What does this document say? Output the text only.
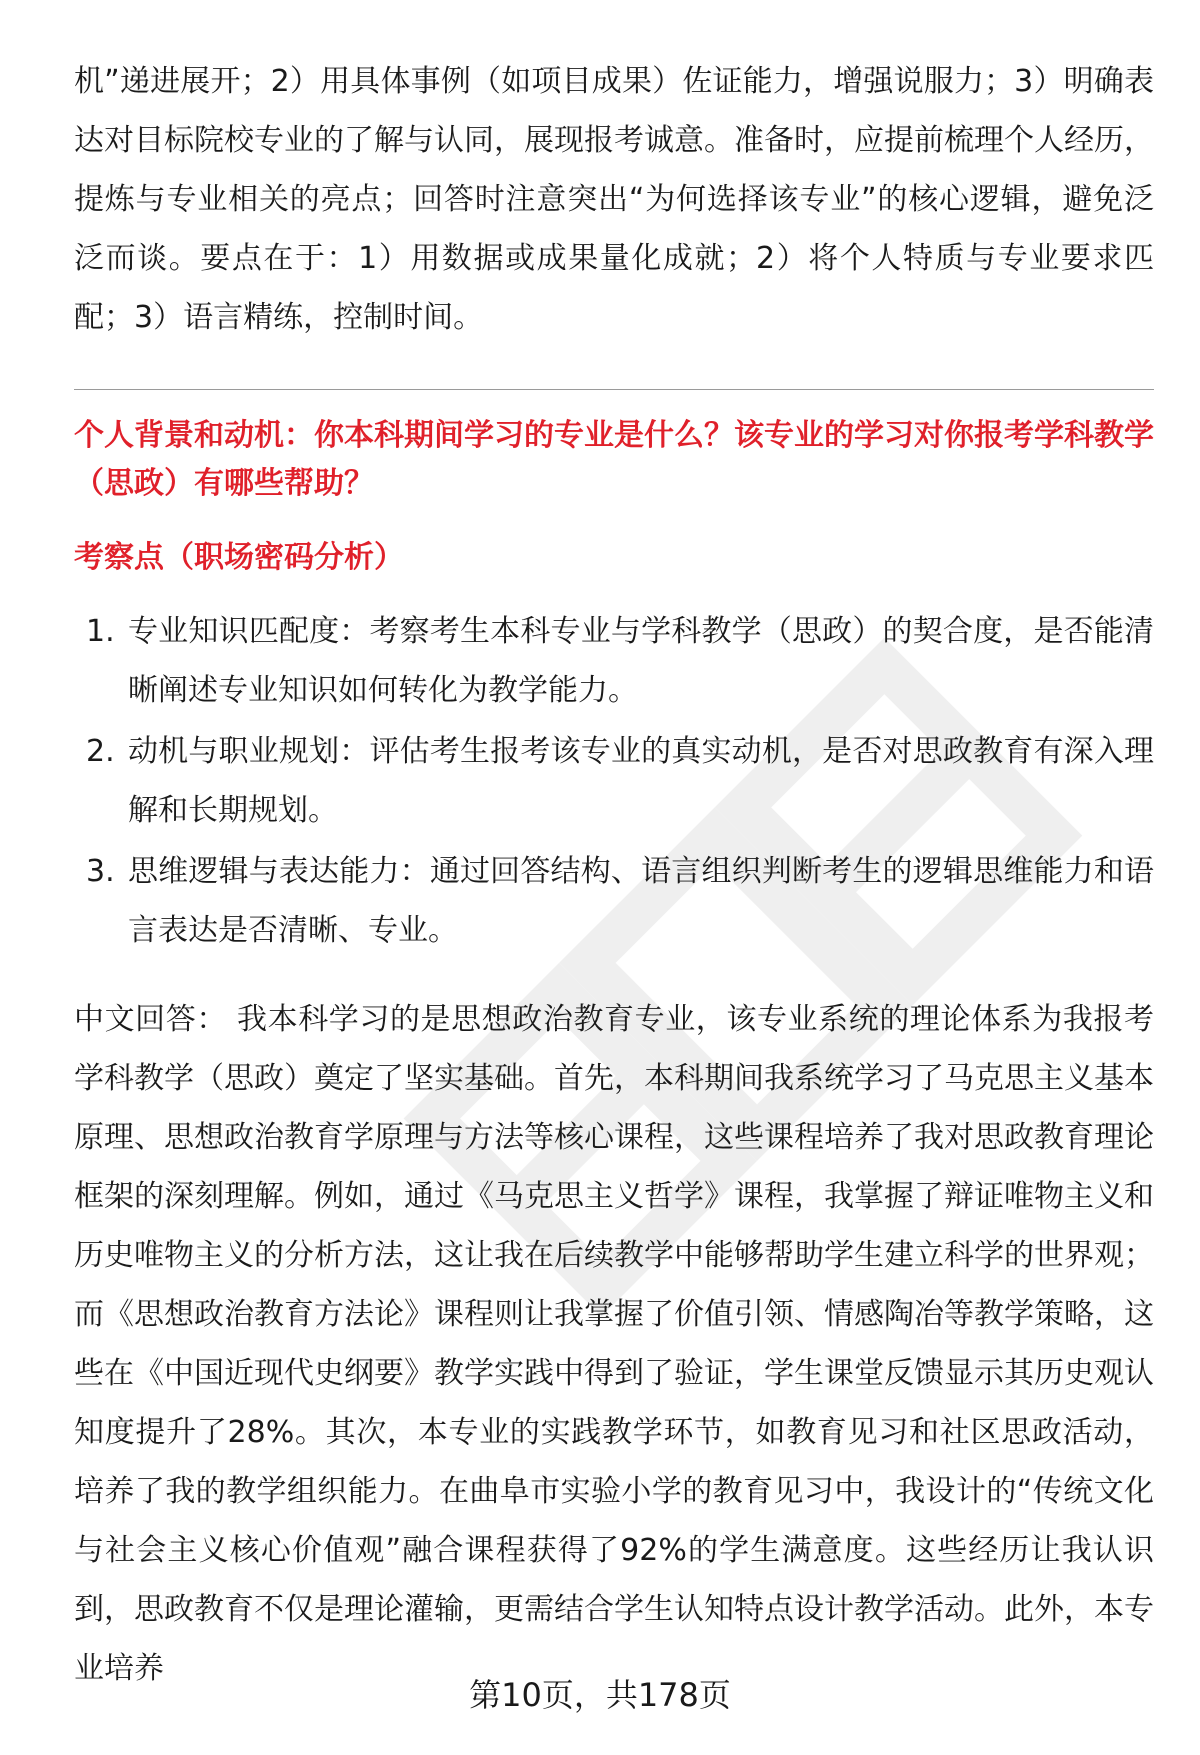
机”递进展开；2）用具体事例（如项目成果）佐证能力，增强说服力；3）明确表达对目标院校专业的了解与认同，展现报考诚意。准备时，应提前梳理个人经历，提炼与专业相关的亮点；回答时注意突出“为何选择该专业”的核心逻辑，避免泛泛而谈。要点在于：1）用数据或成果量化成就；2）将个人特质与专业要求匹配；3）语言精练，控制时间。

个人背景和动机：你本科期间学习的专业是什么？该专业的学习对你报考学科教学（思政）有哪些帮助？

考察点（职场密码分析）

1. 专业知识匹配度：考察考生本科专业与学科教学（思政）的契合度，是否能清晰阐述专业知识如何转化为教学能力。
2. 动机与职业规划：评估考生报考该专业的真实动机，是否对思政教育有深入理解和长期规划。
3. 思维逻辑与表达能力：通过回答结构、语言组织判断考生的逻辑思维能力和语言表达是否清晰、专业。

中文回答： 我本科学习的是思想政治教育专业，该专业系统的理论体系为我报考学科教学（思政）奠定了坚实基础。首先，本科期间我系统学习了马克思主义基本原理、思想政治教育学原理与方法等核心课程，这些课程培养了我对思政教育理论框架的深刻理解。例如，通过《马克思主义哲学》课程，我掌握了辩证唯物主义和历史唯物主义的分析方法，这让我在后续教学中能够帮助学生建立科学的世界观；而《思想政治教育方法论》课程则让我掌握了价值引领、情感陶冶等教学策略，这些在《中国近现代史纲要》教学实践中得到了验证，学生课堂反馈显示其历史观认知度提升了28%。其次，本专业的实践教学环节，如教育见习和社区思政活动，培养了我的教学组织能力。在曲阜市实验小学的教育见习中，我设计的“传统文化与社会主义核心价值观”融合课程获得了92%的学生满意度。这些经历让我认识到，思政教育不仅是理论灌输，更需结合学生认知特点设计教学活动。此外，本专业培养

第10页，共178页
